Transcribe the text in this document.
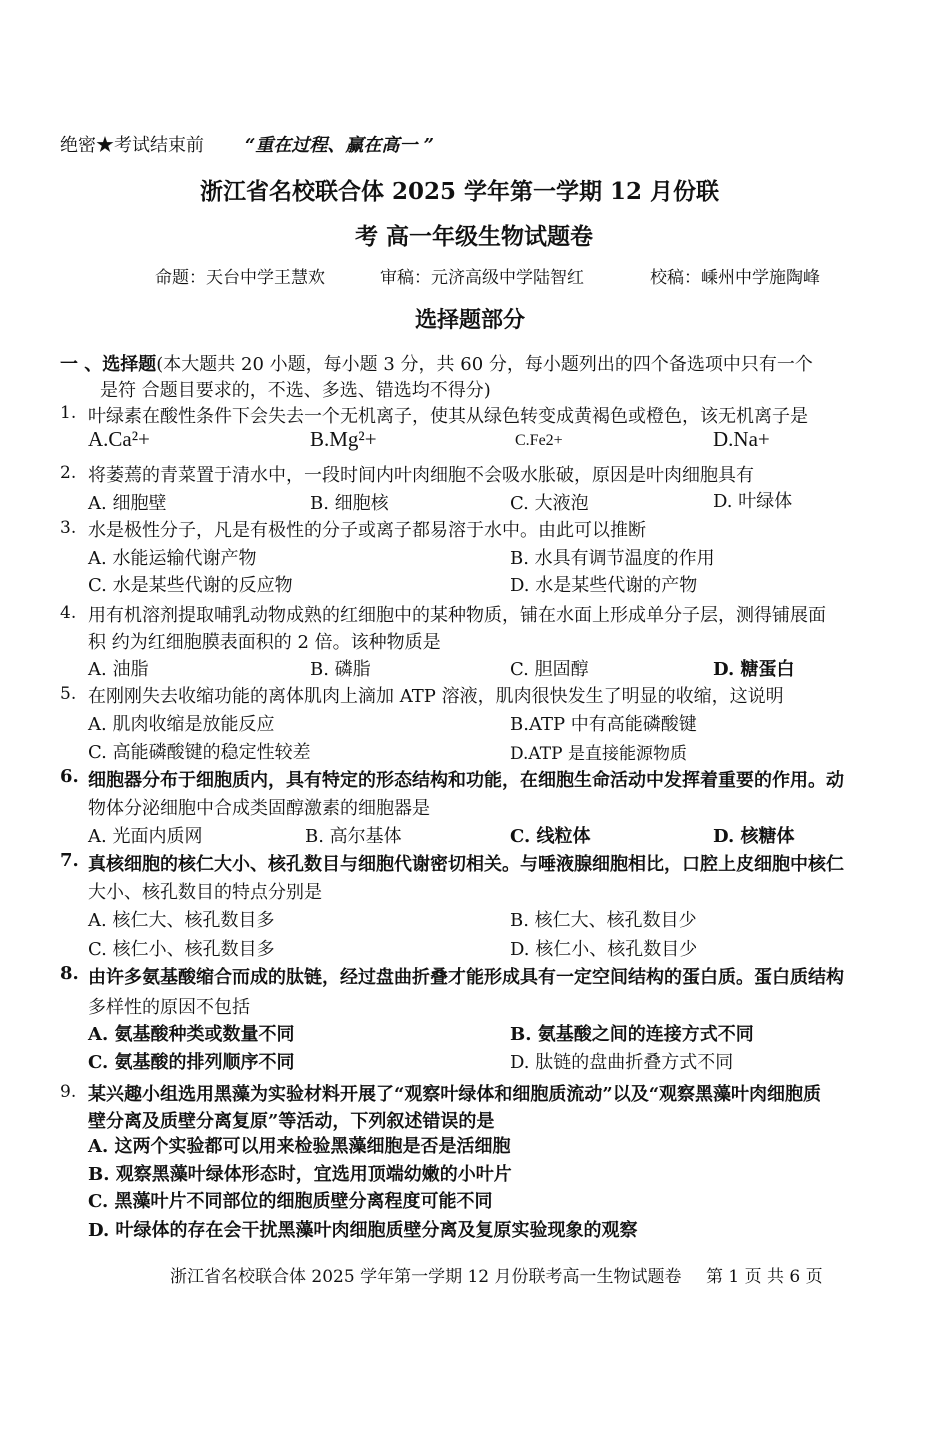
绝密★考试结束前 “重在过程、赢在高一 ”
浙江省名校联合体 2025 学年第一学期 12 月份联
考 高一年级生物试题卷
命题：天台中学王慧欢	审稿：元济高级中学陆智红	校稿：嵊州中学施陶峰
选择题部分
一 、选择题(本大题共 20 小题，每小题 3 分，共 60 分，每小题列出的四个备选项中只有一个
是符 合题目要求的，不选、多选、错选均不得分)
1. 叶绿素在酸性条件下会失去一个无机离子，使其从绿色转变成黄褐色或橙色，该无机离子是
A.Ca²+	B.Mg²+	C.Fe2+	D.Na+
2. 将萎蔫的青菜置于清水中，一段时间内叶肉细胞不会吸水胀破，原因是叶肉细胞具有
A. 细胞壁	B. 细胞核	C. 大液泡	D. 叶绿体
3. 水是极性分子，凡是有极性的分子或离子都易溶于水中。由此可以推断
A. 水能运输代谢产物	B. 水具有调节温度的作用
C. 水是某些代谢的反应物	D. 水是某些代谢的产物
4. 用有机溶剂提取哺乳动物成熟的红细胞中的某种物质，铺在水面上形成单分子层，测得铺展面
积 约为红细胞膜表面积的 2 倍。该种物质是
A. 油脂	B. 磷脂	C. 胆固醇	D. 糖蛋白
5. 在刚刚失去收缩功能的离体肌肉上滴加 ATP 溶液，肌肉很快发生了明显的收缩，这说明
A. 肌肉收缩是放能反应	B.ATP 中有高能磷酸键
C. 高能磷酸键的稳定性较差	D.ATP 是直接能源物质
6. 细胞器分布于细胞质内，具有特定的形态结构和功能，在细胞生命活动中发挥着重要的作用。动
物体分泌细胞中合成类固醇激素的细胞器是
A. 光面内质网	B. 高尔基体	C. 线粒体	D. 核糖体
7. 真核细胞的核仁大小、核孔数目与细胞代谢密切相关。与唾液腺细胞相比，口腔上皮细胞中核仁
大小、核孔数目的特点分别是
A. 核仁大、核孔数目多	B. 核仁大、核孔数目少
C. 核仁小、核孔数目多	D. 核仁小、核孔数目少
8. 由许多氨基酸缩合而成的肽链，经过盘曲折叠才能形成具有一定空间结构的蛋白质。蛋白质结构
多样性的原因不包括
A. 氨基酸种类或数量不同	B. 氨基酸之间的连接方式不同
C. 氨基酸的排列顺序不同	D. 肽链的盘曲折叠方式不同
9. 某兴趣小组选用黑藻为实验材料开展了“观察叶绿体和细胞质流动”以及“观察黑藻叶肉细胞质
壁分离及质壁分离复原”等活动，下列叙述错误的是
A. 这两个实验都可以用来检验黑藻细胞是否是活细胞
B. 观察黑藻叶绿体形态时，宜选用顶端幼嫩的小叶片
C. 黑藻叶片不同部位的细胞质壁分离程度可能不同
D. 叶绿体的存在会干扰黑藻叶肉细胞质壁分离及复原实验现象的观察
浙江省名校联合体 2025 学年第一学期 12 月份联考高一生物试题卷 第 1 页 共 6 页
